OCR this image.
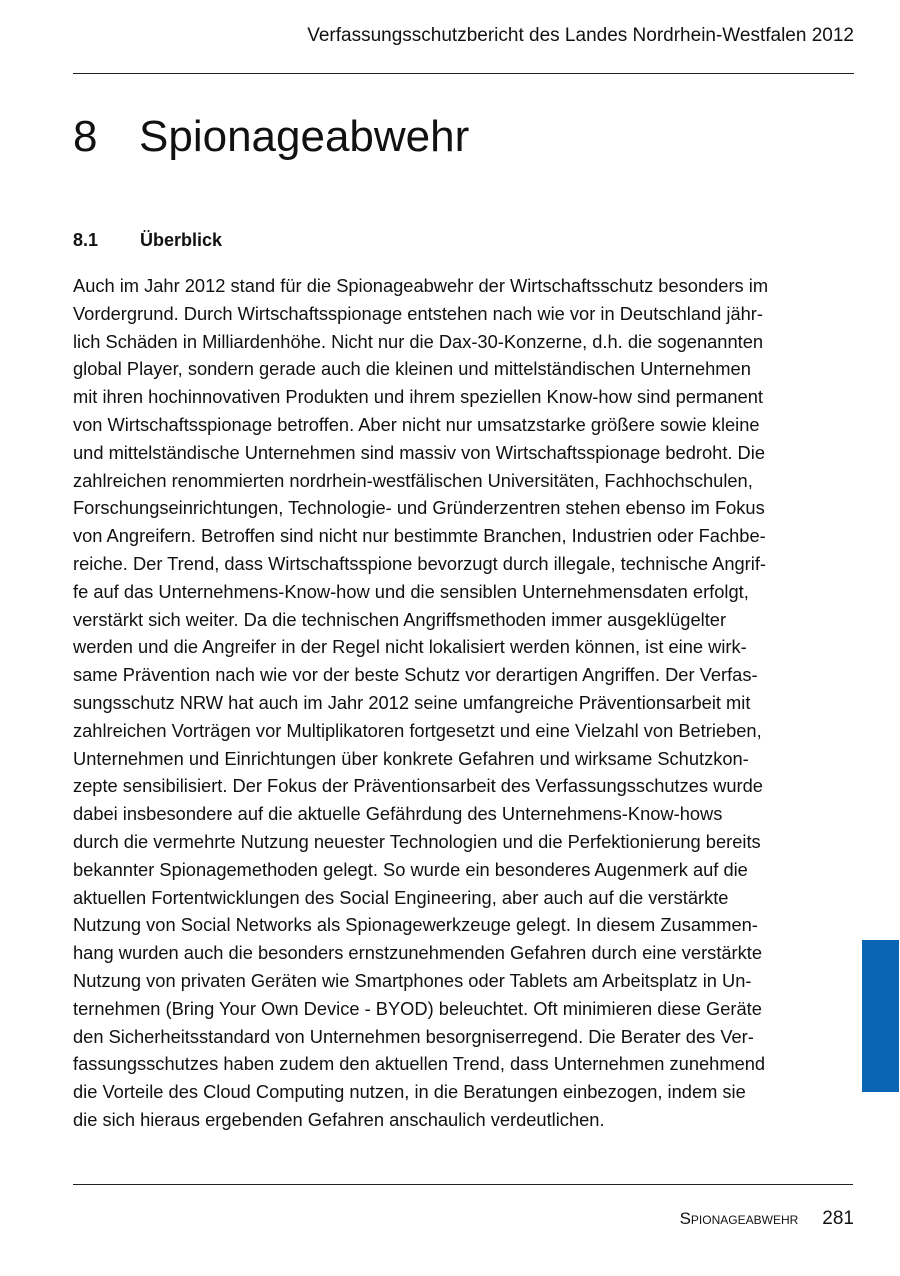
Verfassungsschutzbericht des Landes Nordrhein-Westfalen 2012
8 Spionageabwehr
8.1 Überblick
Auch im Jahr 2012 stand für die Spionageabwehr der Wirtschaftsschutz besonders im
Vordergrund. Durch Wirtschaftsspionage entstehen nach wie vor in Deutschland jähr-
lich Schäden in Milliardenhöhe. Nicht nur die Dax-30-Konzerne, d.h. die sogenannten
global Player, sondern gerade auch die kleinen und mittelständischen Unternehmen
mit ihren hochinnovativen Produkten und ihrem speziellen Know-how sind permanent
von Wirtschaftsspionage betroffen. Aber nicht nur umsatzstarke größere sowie kleine
und mittelständische Unternehmen sind massiv von Wirtschaftsspionage bedroht. Die
zahlreichen renommierten nordrhein-westfälischen Universitäten, Fachhochschulen,
Forschungseinrichtungen, Technologie- und Gründerzentren stehen ebenso im Fokus
von Angreifern. Betroffen sind nicht nur bestimmte Branchen, Industrien oder Fachbe-
reiche. Der Trend, dass Wirtschaftsspione bevorzugt durch illegale, technische Angrif-
fe auf das Unternehmens-Know-how und die sensiblen Unternehmensdaten erfolgt,
verstärkt sich weiter. Da die technischen Angriffsmethoden immer ausgeklügelter
werden und die Angreifer in der Regel nicht lokalisiert werden können, ist eine wirk-
same Prävention nach wie vor der beste Schutz vor derartigen Angriffen. Der Verfas-
sungsschutz NRW hat auch im Jahr 2012 seine umfangreiche Präventionsarbeit mit
zahlreichen Vorträgen vor Multiplikatoren fortgesetzt und eine Vielzahl von Betrieben,
Unternehmen und Einrichtungen über konkrete Gefahren und wirksame Schutzkon-
zepte sensibilisiert. Der Fokus der Präventionsarbeit des Verfassungsschutzes wurde
dabei insbesondere auf die aktuelle Gefährdung des Unternehmens-Know-hows
durch die vermehrte Nutzung neuester Technologien und die Perfektionierung bereits
bekannter Spionagemethoden gelegt. So wurde ein besonderes Augenmerk auf die
aktuellen Fortentwicklungen des Social Engineering, aber auch auf die verstärkte
Nutzung von Social Networks als Spionagewerkzeuge gelegt. In diesem Zusammen-
hang wurden auch die besonders ernstzunehmenden Gefahren durch eine verstärkte
Nutzung von privaten Geräten wie Smartphones oder Tablets am Arbeitsplatz in Un-
ternehmen (Bring Your Own Device - BYOD) beleuchtet. Oft minimieren diese Geräte
den Sicherheitsstandard von Unternehmen besorgniserregend. Die Berater des Ver-
fassungsschutzes haben zudem den aktuellen Trend, dass Unternehmen zunehmend
die Vorteile des Cloud Computing nutzen, in die Beratungen einbezogen, indem sie
die sich hieraus ergebenden Gefahren anschaulich verdeutlichen.
Spionageabwehr 281
